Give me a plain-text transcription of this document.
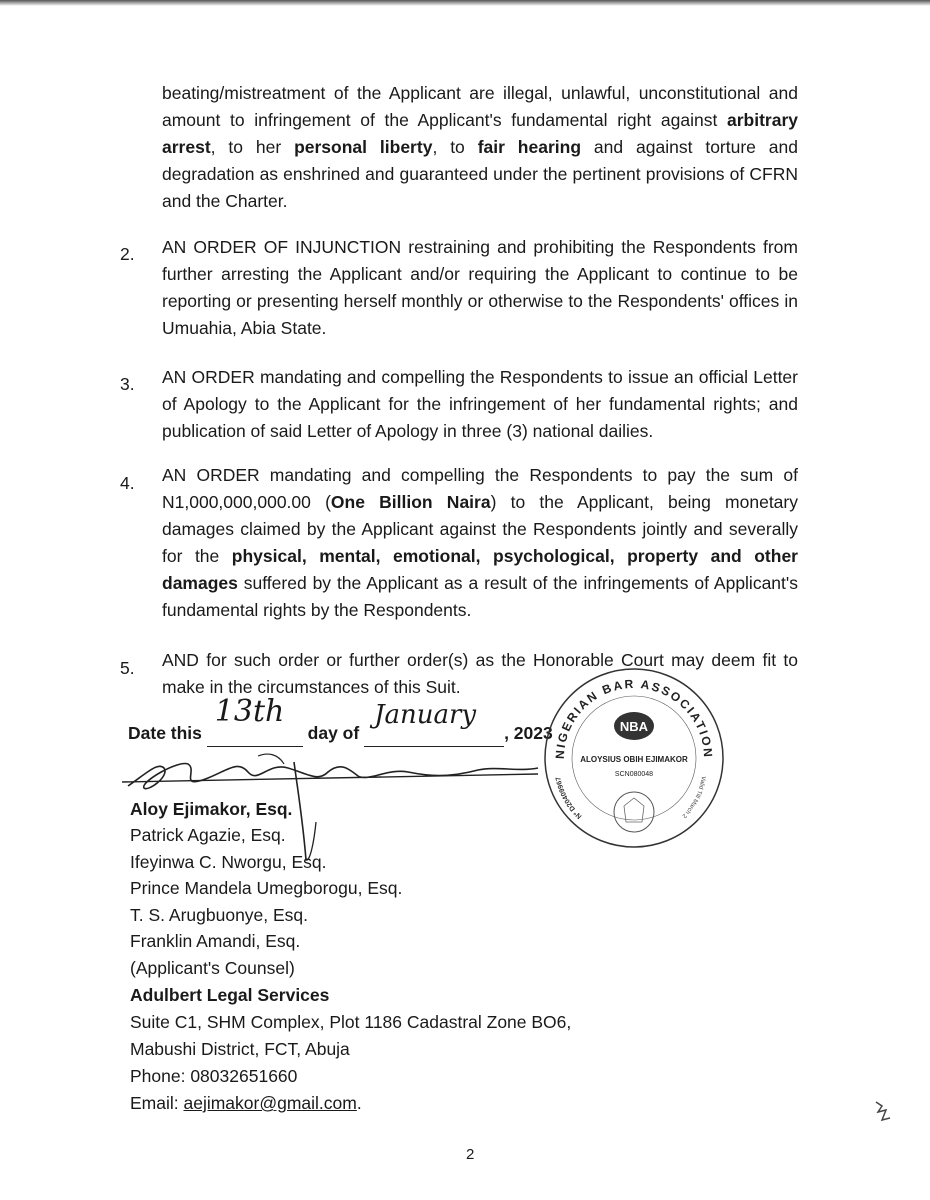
beating/mistreatment of the Applicant are illegal, unlawful, unconstitutional and amount to infringement of the Applicant's fundamental right against arbitrary arrest, to her personal liberty, to fair hearing and against torture and degradation as enshrined and guaranteed under the pertinent provisions of CFRN and the Charter.

2. AN ORDER OF INJUNCTION restraining and prohibiting the Respondents from further arresting the Applicant and/or requiring the Applicant to continue to be reporting or presenting herself monthly or otherwise to the Respondents' offices in Umuahia, Abia State.

3. AN ORDER mandating and compelling the Respondents to issue an official Letter of Apology to the Applicant for the infringement of her fundamental rights; and publication of said Letter of Apology in three (3) national dailies.

4. AN ORDER mandating and compelling the Respondents to pay the sum of N1,000,000,000.00 (One Billion Naira) to the Applicant, being monetary damages claimed by the Applicant against the Respondents jointly and severally for the physical, mental, emotional, psychological, property and other damages suffered by the Applicant as a result of the infringements of Applicant's fundamental rights by the Respondents.

5. AND for such order or further order(s) as the Honorable Court may deem fit to make in the circumstances of this Suit.

Date this
13th
day of
January
, 2023
Aloy Ejimakor, Esq.
Patrick Agazie, Esq.
Ifeyinwa C. Nworgu, Esq.
Prince Mandela Umegborogu, Esq.
T. S. Arugbuonye, Esq.
Franklin Amandi, Esq.
(Applicant's Counsel)
Adulbert Legal Services
Suite C1, SHM Complex, Plot 1186 Cadastral Zone BO6,
Mabushi District, FCT, Abuja
Phone: 08032651660
Email: aejimakor@gmail.com.
NIGERIAN BAR ASSOCIATION
NBA
ALOYSIUS OBIH EJIMAKOR
SCN080048
Nº D20409967	Valid Till March 2
2
